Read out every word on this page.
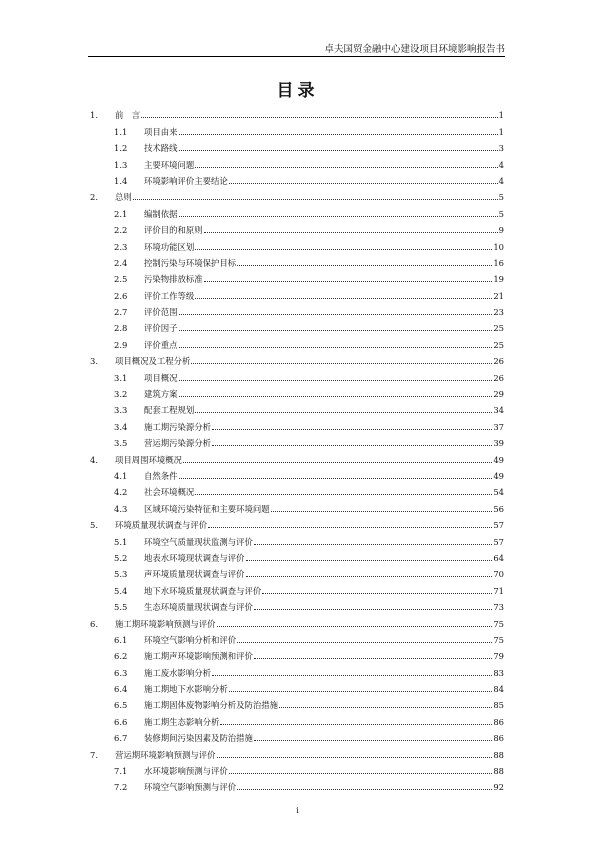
卓夫国贸金融中心建设项目环境影响报告书
目录
1.	前　言	1
1.1	项目由来	1
1.2	技术路线	3
1.3	主要环境问题	4
1.4	环境影响评价主要结论	4
2.	总则	5
2.1	编制依据	5
2.2	评价目的和原则	9
2.3	环境功能区划	10
2.4	控制污染与环境保护目标	16
2.5	污染物排放标准	19
2.6	评价工作等级	21
2.7	评价范围	23
2.8	评价因子	25
2.9	评价重点	25
3.	项目概况及工程分析	26
3.1	项目概况	26
3.2	建筑方案	29
3.3	配套工程规划	34
3.4	施工期污染源分析	37
3.5	营运期污染源分析	39
4.	项目周围环境概况	49
4.1	自然条件	49
4.2	社会环境概况	54
4.3	区域环境污染特征和主要环境问题	56
5.	环境质量现状调查与评价	57
5.1	环境空气质量现状监测与评价	57
5.2	地表水环境现状调查与评价	64
5.3	声环境质量现状调查与评价	70
5.4	地下水环境质量现状调查与评价	71
5.5	生态环境质量现状调查与评价	73
6.	施工期环境影响预测与评价	75
6.1	环境空气影响分析和评价	75
6.2	施工期声环境影响预测和评价	79
6.3	施工废水影响分析	83
6.4	施工期地下水影响分析	84
6.5	施工期固体废物影响分析及防治措施	85
6.6	施工期生态影响分析	86
6.7	装修期间污染因素及防治措施	86
7.	营运期环境影响预测与评价	88
7.1	水环境影响预测与评价	88
7.2	环境空气影响预测与评价	92
i
